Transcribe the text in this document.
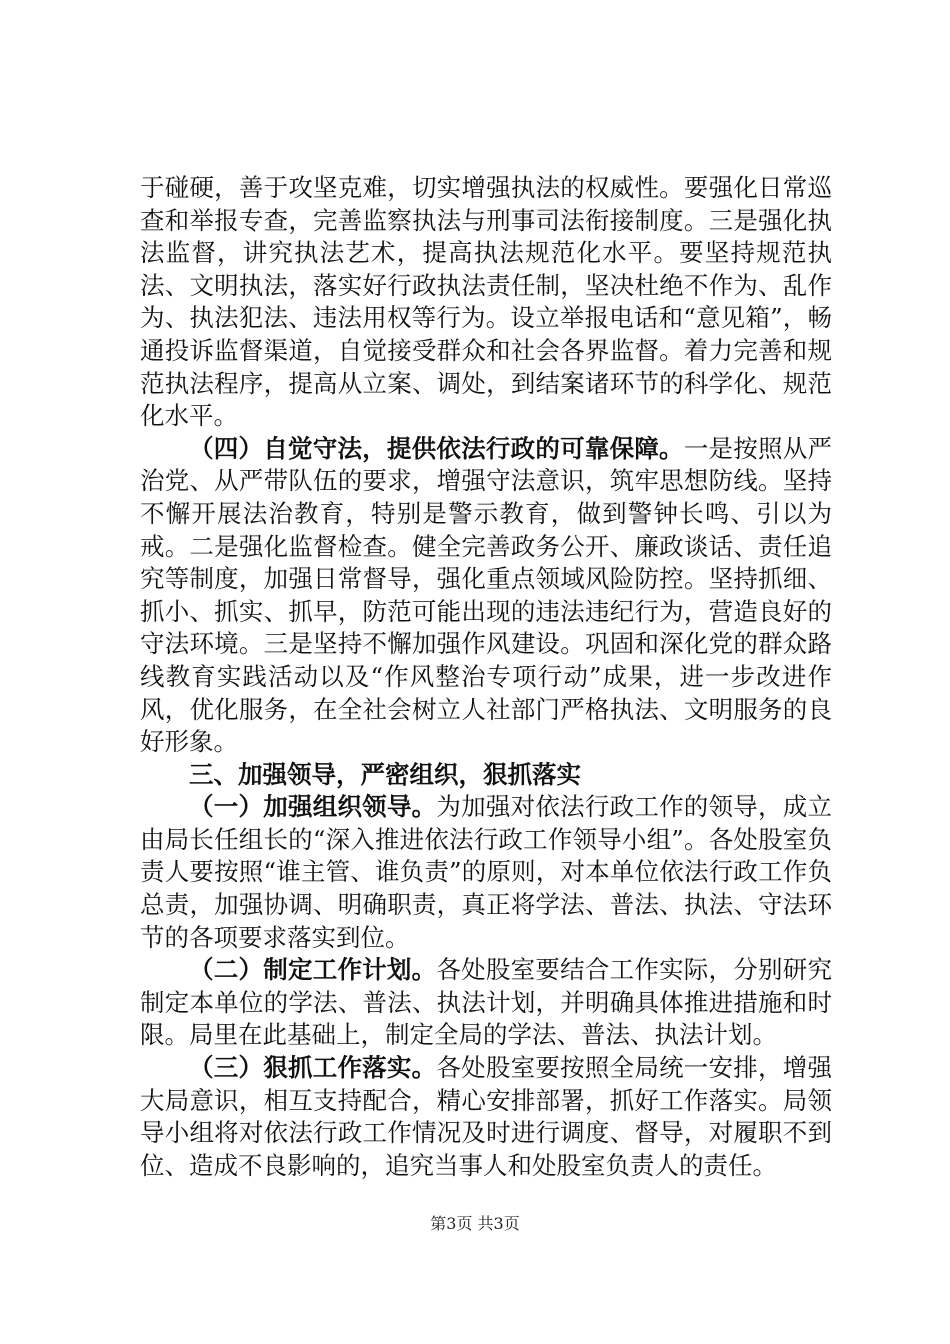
于碰硬，善于攻坚克难，切实增强执法的权威性。要强化日常巡查和举报专查，完善监察执法与刑事司法衔接制度。三是强化执法监督，讲究执法艺术，提高执法规范化水平。要坚持规范执法、文明执法，落实好行政执法责任制，坚决杜绝不作为、乱作为、执法犯法、违法用权等行为。设立举报电话和“意见箱”，畅通投诉监督渠道，自觉接受群众和社会各界监督。着力完善和规范执法程序，提高从立案、调处，到结案诸环节的科学化、规范化水平。

（四）自觉守法，提供依法行政的可靠保障。一是按照从严治党、从严带队伍的要求，增强守法意识，筑牢思想防线。坚持不懈开展法治教育，特别是警示教育，做到警钟长鸣、引以为戒。二是强化监督检查。健全完善政务公开、廉政谈话、责任追究等制度，加强日常督导，强化重点领域风险防控。坚持抓细、抓小、抓实、抓早，防范可能出现的违法违纪行为，营造良好的守法环境。三是坚持不懈加强作风建设。巩固和深化党的群众路线教育实践活动以及“作风整治专项行动”成果，进一步改进作风，优化服务，在全社会树立人社部门严格执法、文明服务的良好形象。

三、加强领导，严密组织，狠抓落实

（一）加强组织领导。为加强对依法行政工作的领导，成立由局长任组长的“深入推进依法行政工作领导小组”。各处股室负责人要按照“谁主管、谁负责”的原则，对本单位依法行政工作负总责，加强协调、明确职责，真正将学法、普法、执法、守法环节的各项要求落实到位。

（二）制定工作计划。各处股室要结合工作实际，分别研究制定本单位的学法、普法、执法计划，并明确具体推进措施和时限。局里在此基础上，制定全局的学法、普法、执法计划。

（三）狠抓工作落实。各处股室要按照全局统一安排，增强大局意识，相互支持配合，精心安排部署，抓好工作落实。局领导小组将对依法行政工作情况及时进行调度、督导，对履职不到位、造成不良影响的，追究当事人和处股室负责人的责任。

第3页 共3页
